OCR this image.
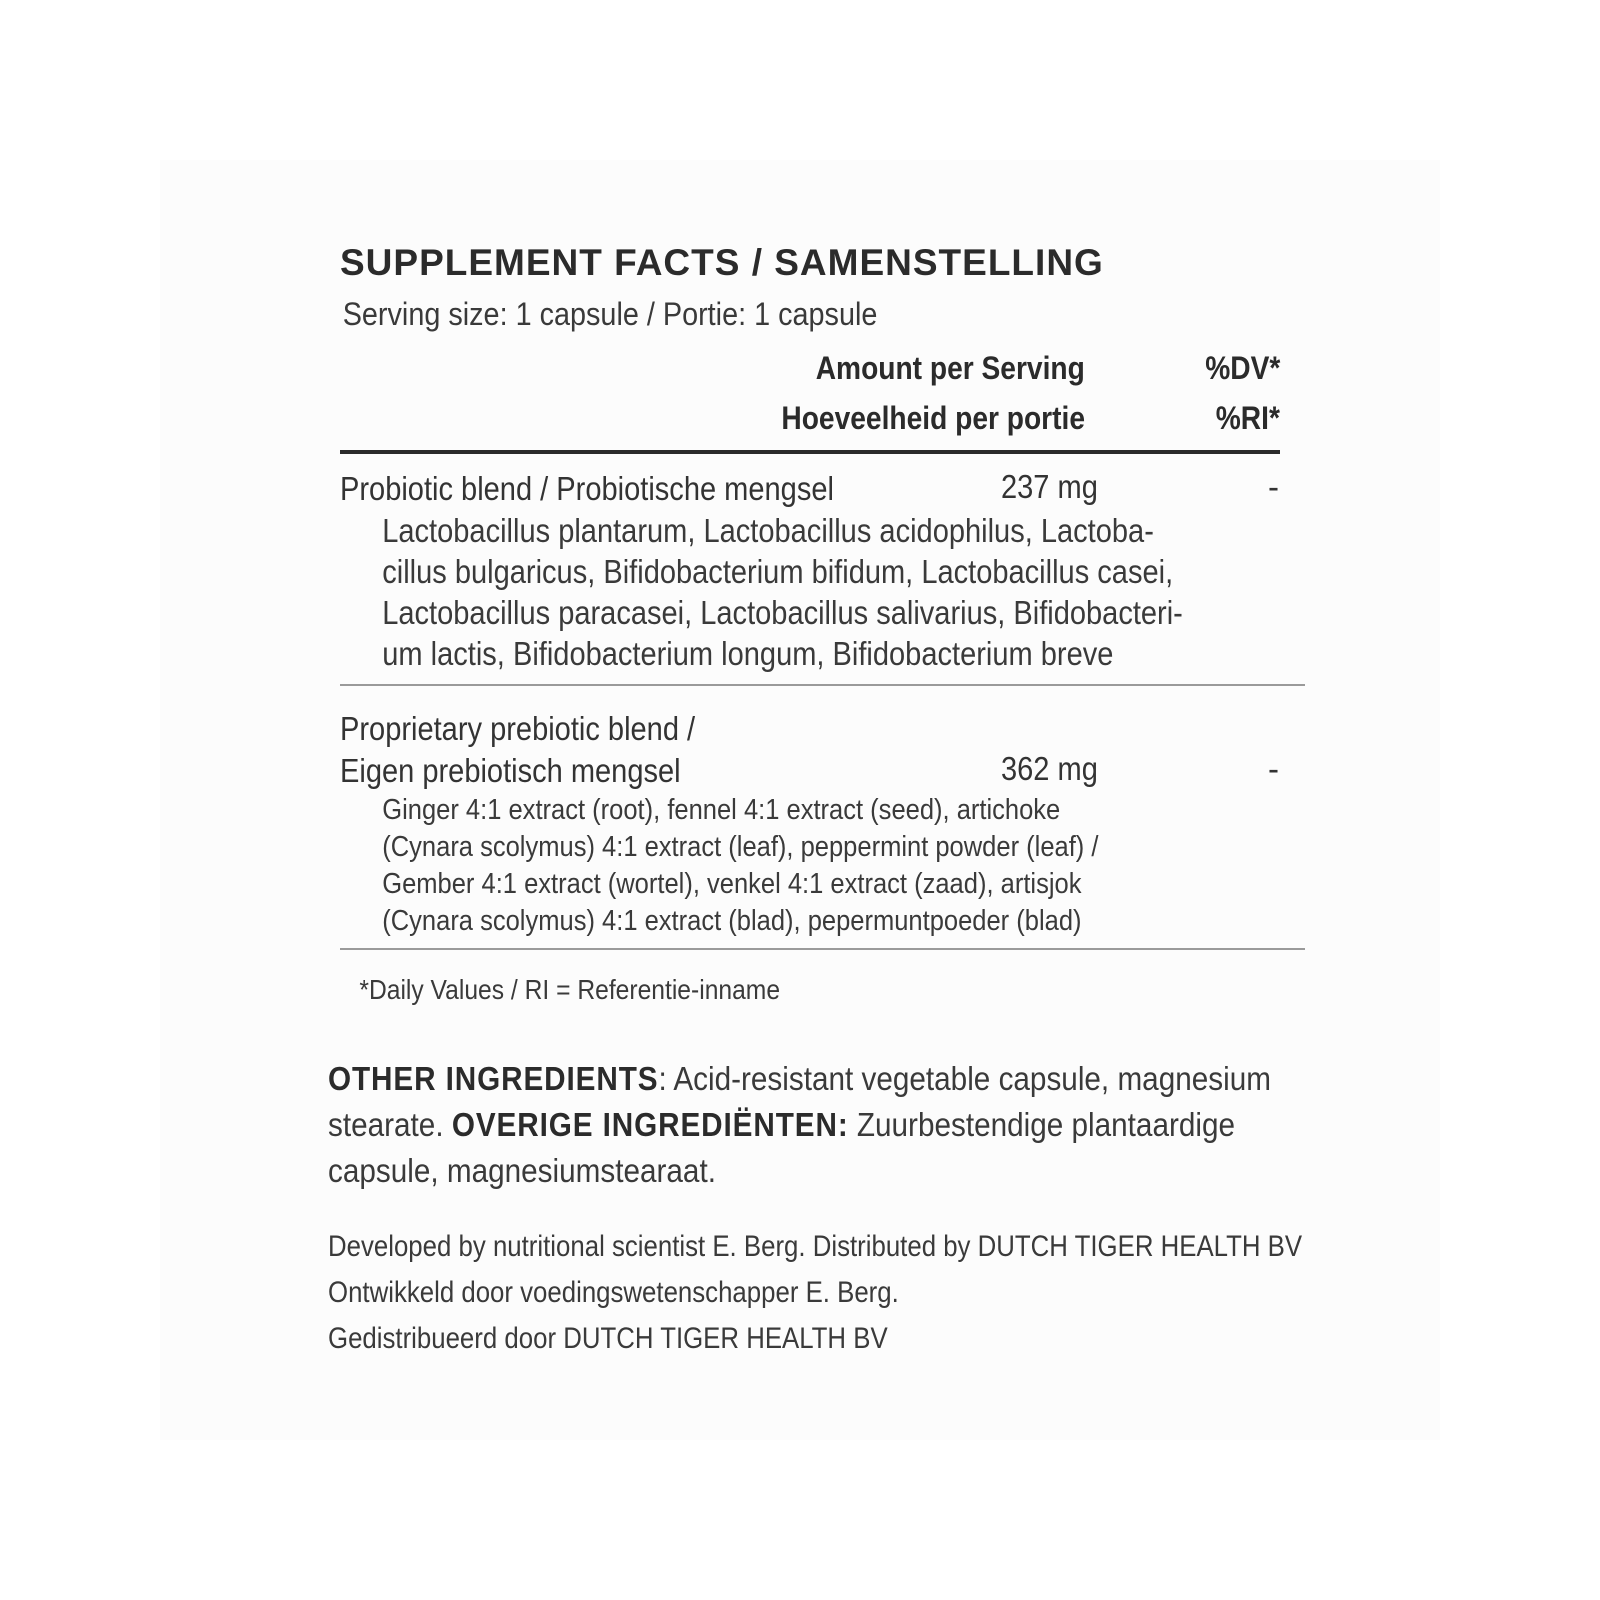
SUPPLEMENT FACTS / SAMENSTELLING
Serving size: 1 capsule / Portie: 1 capsule
Amount per Serving	%DV*
Hoeveelheid per portie	%RI*
Probiotic blend / Probiotische mengsel	237 mg	-
Lactobacillus plantarum, Lactobacillus acidophilus, Lactoba-
cillus bulgaricus, Bifidobacterium bifidum, Lactobacillus casei,
Lactobacillus paracasei, Lactobacillus salivarius, Bifidobacteri-
um lactis, Bifidobacterium longum, Bifidobacterium breve
Proprietary prebiotic blend /
Eigen prebiotisch mengsel	362 mg	-
Ginger 4:1 extract (root), fennel 4:1 extract (seed), artichoke
(Cynara scolymus) 4:1 extract (leaf), peppermint powder (leaf) /
Gember 4:1 extract (wortel), venkel 4:1 extract (zaad), artisjok
(Cynara scolymus) 4:1 extract (blad), pepermuntpoeder (blad)
*Daily Values / RI = Referentie-inname
OTHER INGREDIENTS: Acid-resistant vegetable capsule, magnesium
stearate. OVERIGE INGREDIËNTEN: Zuurbestendige plantaardige
capsule, magnesiumstearaat.
Developed by nutritional scientist E. Berg. Distributed by DUTCH TIGER HEALTH BV
Ontwikkeld door voedingswetenschapper E. Berg.
Gedistribueerd door DUTCH TIGER HEALTH BV
